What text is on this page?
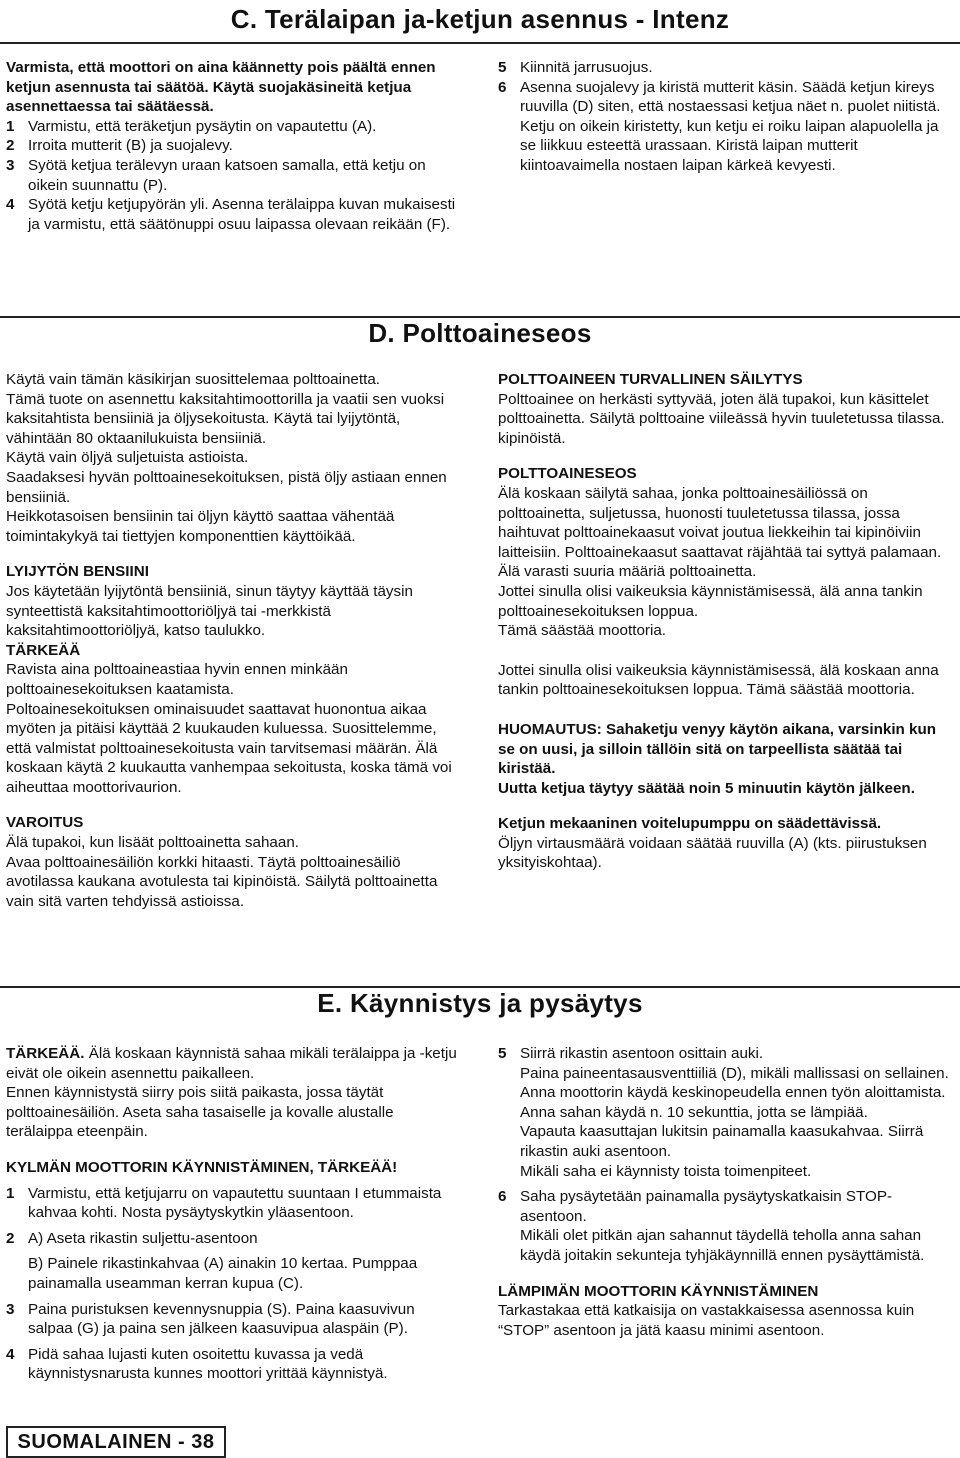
C. Terälaipan ja-ketjun asennus - Intenz

Varmista, että moottori on aina käännetty pois päältä ennen ketjun asennusta tai säätöä. Käytä suojakäsineitä ketjua asennettaessa tai säätäessä.

1 Varmistu, että teräketjun pysäytin on vapautettu (A).
2 Irroita mutterit (B) ja suojalevy.
3 Syötä ketjua terälevyn uraan katsoen samalla, että ketju on oikein suunnattu (P).
4 Syötä ketju ketjupyörän yli. Asenna terälaippa kuvan mukaisesti ja varmistu, että säätönuppi osuu laipassa olevaan reikään (F).
5 Kiinnitä jarrusuojus.
6 Asenna suojalevy ja kiristä mutterit käsin. Säädä ketjun kireys ruuvilla (D) siten, että nostaessasi ketjua näet n. puolet niitistä. Ketju on oikein kiristetty, kun ketju ei roiku laipan alapuolella ja se liikkuu esteettä urassaan. Kiristä laipan mutterit kiintoavaimella nostaen laipan kärkeä kevyesti.
D. Polttoaineseos

Käytä vain tämän käsikirjan suosittelemaa polttoainetta.

Tämä tuote on asennettu kaksitahtimoottorilla ja vaatii sen vuoksi kaksitahtista bensiiniä ja öljysekoitusta. Käytä tai lyijytöntä, vähintään 80 oktaanilukuista bensiiniä.

Käytä vain öljyä suljetuista astioista.

Saadaksesi hyvän polttoainesekoituksen, pistä öljy astiaan ennen bensiiniä.

Heikkotasoisen bensiinin tai öljyn käyttö saattaa vähentää toimintakykyä tai tiettyjen komponenttien käyttöikää.

LYIJYTÖN BENSIINI

Jos käytetään lyijytöntä bensiiniä, sinun täytyy käyttää täysin synteettistä kaksitahtimoottoriöljyä tai -merkkistä kaksitahtimoottoriöljyä, katso taulukko.

TÄRKEÄÄ

Ravista aina polttoaineastiaa hyvin ennen minkään polttoainesekoituksen kaatamista.

Poltoainesekoituksen ominaisuudet saattavat huonontua aikaa myöten ja pitäisi käyttää 2 kuukauden kuluessa. Suosittelemme, että valmistat polttoainesekoitusta vain tarvitsemasi määrän. Älä koskaan käytä 2 kuukautta vanhempaa sekoitusta, koska tämä voi aiheuttaa moottorivaurion.

VAROITUS

Älä tupakoi, kun lisäät polttoainetta sahaan.

Avaa polttoainesäiliön korkki hitaasti. Täytä polttoainesäiliö avotilassa kaukana avotulesta tai kipinöistä. Säilytä polttoainetta vain sitä varten tehdyissä astioissa.

POLTTOAINEEN TURVALLINEN SÄILYTYS

Polttoainee on herkästi syttyvää, joten älä tupakoi, kun käsittelet polttoainetta. Säilytä polttoaine viileässä hyvin tuuletetussa tilassa. kipinöistä.

POLTTOAINESEOS

Älä koskaan säilytä sahaa, jonka polttoainesäiliössä on polttoainetta, suljetussa, huonosti tuuletetussa tilassa, jossa haihtuvat polttoainekaasut voivat joutua liekkeihin tai kipinöiviin laitteisiin. Polttoainekaasut saattavat räjähtää tai syttyä palamaan. Älä varasti suuria määriä polttoainetta.

Jottei sinulla olisi vaikeuksia käynnistämisessä, älä anna tankin polttoainesekoituksen loppua.

Tämä säästää moottoria.

Jottei sinulla olisi vaikeuksia käynnistämisessä, älä koskaan anna tankin polttoainesekoituksen loppua. Tämä säästää moottoria.

HUOMAUTUS: Sahaketju venyy käytön aikana, varsinkin kun se on uusi, ja silloin tällöin sitä on tarpeellista säätää tai kiristää.

Uutta ketjua täytyy säätää noin 5 minuutin käytön jälkeen.

Ketjun mekaaninen voitelupumppu on säädettävissä.

Öljyn virtausmäärä voidaan säätää ruuvilla (A) (kts. piirustuksen yksityiskohtaa).

E. Käynnistys ja pysäytys

TÄRKEÄÄ. Älä koskaan käynnistä sahaa mikäli terälaippa ja -ketju eivät ole oikein asennettu paikalleen.

Ennen käynnistystä siirry pois siitä paikasta, jossa täytät polttoainesäiliön. Aseta saha tasaiselle ja kovalle alustalle terälaippa eteenpäin.

KYLMÄN MOOTTORIN KÄYNNISTÄMINEN, TÄRKEÄÄ!

1 Varmistu, että ketjujarru on vapautettu suuntaan I etummaista kahvaa kohti. Nosta pysäytyskytkin yläasentoon.
2 A) Aseta rikastin suljettu-asentoon
B) Painele rikastinkahvaa (A) ainakin 10 kertaa. Pumppaa painamalla useamman kerran kupua (C).
3 Paina puristuksen kevennysnuppia (S). Paina kaasuvivun salpaa (G) ja paina sen jälkeen kaasuvipua alaspäin (P).
4 Pidä sahaa lujasti kuten osoitettu kuvassa ja vedä käynnistysnarusta kunnes moottori yrittää käynnistyä.
5 Siirrä rikastin asentoon osittain auki.

Paina paineentasausventtiiliä (D), mikäli mallissasi on sellainen. Anna moottorin käydä keskinopeudella ennen työn aloittamista. Anna sahan käydä n. 10 sekunttia, jotta se lämpiää.

Vapauta kaasuttajan lukitsin painamalla kaasukahvaa. Siirrä rikastin auki asentoon.

Mikäli saha ei käynnisty toista toimenpiteet.

6 Saha pysäytetään painamalla pysäytyskatkaisin STOP-asentoon.

Mikäli olet pitkän ajan sahannut täydellä teholla anna sahan käydä joitakin sekunteja tyhjäkäynnillä ennen pysäyttämistä.

LÄMPIMÄN MOOTTORIN KÄYNNISTÄMINEN

Tarkastakaa että katkaisija on vastakkaisessa asennossa kuin “STOP” asentoon ja jätä kaasu minimi asentoon.

SUOMALAINEN - 38
